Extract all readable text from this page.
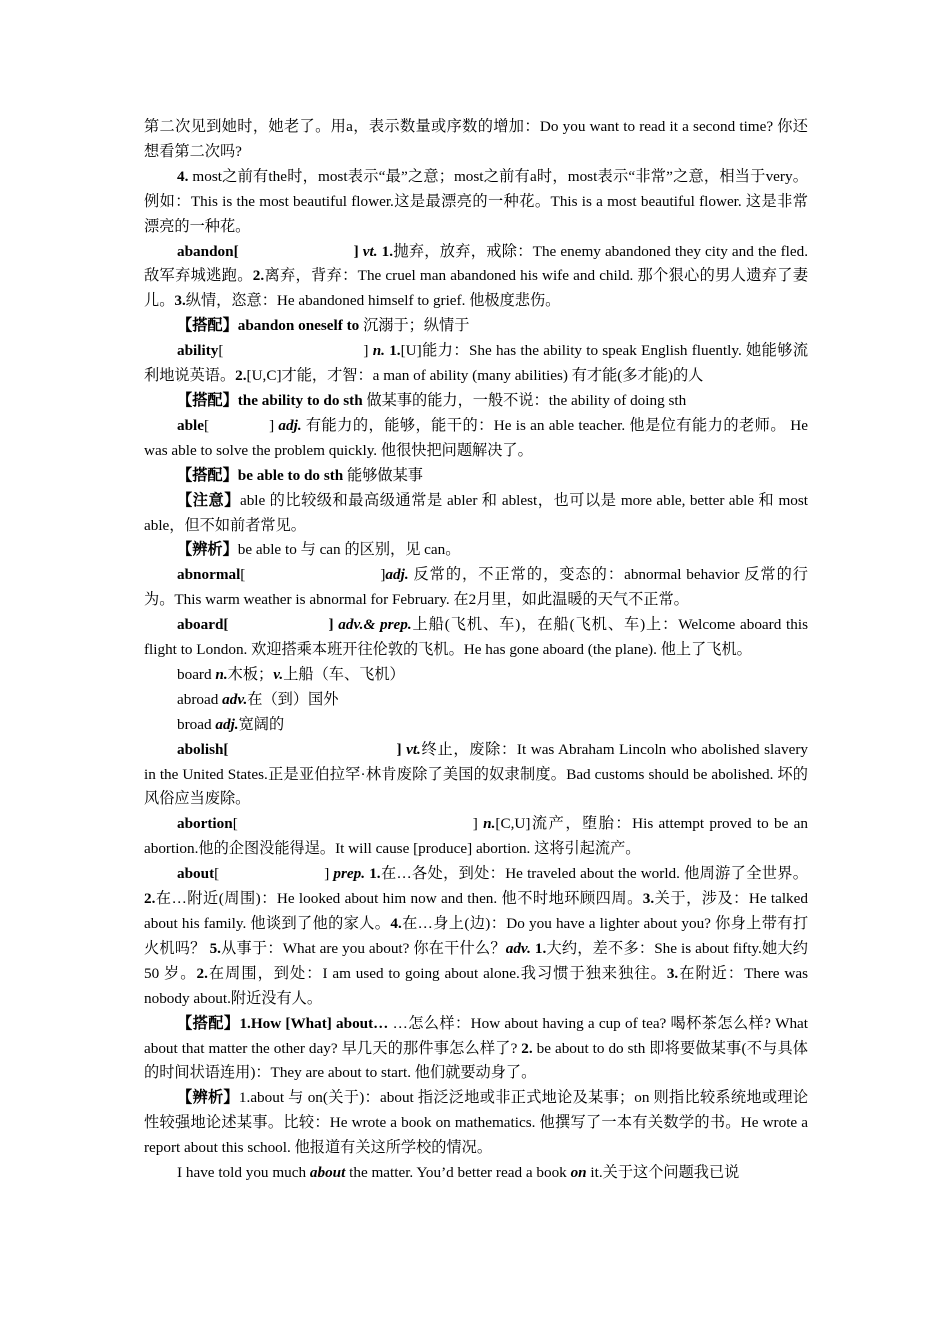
第二次见到她时，她老了。用a，表示数量或序数的增加：Do you want to read it a second time? 你还想看第二次吗?

4. most之前有the时，most表示“最”之意；most之前有a时，most表示“非常”之意，相当于very。例如：This is the most beautiful flower.这是最漂亮的一种花。This is a most beautiful flower. 这是非常漂亮的一种花。

abandon[	] vt. 1.抛弃，放弃，戒除：The enemy abandoned they city and the fled. 敌军弃城逃跑。2.离弃，背弃：The cruel man abandoned his wife and child. 那个狠心的男人遗弃了妻儿。3.纵情，恣意：He abandoned himself to grief. 他极度悲伤。

【搭配】abandon oneself to 沉溺于；纵情于

ability[	] n. 1.[U]能力：She has the ability to speak English fluently. 她能够流利地说英语。2.[U,C]才能，才智：a man of ability (many abilities) 有才能(多才能)的人

【搭配】the ability to do sth 做某事的能力，一般不说：the ability of doing sth

able[	] adj. 有能力的，能够，能干的：He is an able teacher. 他是位有能力的老师。 He was able to solve the problem quickly. 他很快把问题解决了。

【搭配】be able to do sth 能够做某事

【注意】able 的比较级和最高级通常是 abler 和 ablest，也可以是 more able, better able 和 most able，但不如前者常见。

【辨析】be able to 与 can 的区别，见 can。

abnormal[	]adj. 反常的，不正常的，变态的：abnormal behavior 反常的行为。This warm weather is abnormal for February. 在2月里，如此温暖的天气不正常。

aboard[	] adv.& prep.上船(飞机、车)，在船(飞机、车)上：Welcome aboard this flight to London. 欢迎搭乘本班开往伦敦的飞机。He has gone aboard (the plane). 他上了飞机。

board n.木板；v.上船（车、飞机）

abroad adv.在（到）国外

broad adj.宽阔的

abolish[	] vt.终止，废除：It was Abraham Lincoln who abolished slavery in the United States.正是亚伯拉罕·林肯废除了美国的奴隶制度。Bad customs should be abolished. 坏的风俗应当废除。

abortion[	] n.[C,U]流产，堕胎：His attempt proved to be an abortion.他的企图没能得逞。It will cause [produce] abortion. 这将引起流产。

about[	] prep. 1.在…各处，到处：He traveled about the world. 他周游了全世界。2.在…附近(周围)：He looked about him now and then. 他不时地环顾四周。3.关于，涉及：He talked about his family. 他谈到了他的家人。4.在…身上(边)：Do you have a lighter about you? 你身上带有打火机吗？ 5.从事于：What are you about? 你在干什么？adv. 1.大约，差不多：She is about fifty.她大约 50 岁。2.在周围，到处：I am used to going about alone.我习惯于独来独往。3.在附近：There was nobody about.附近没有人。

【搭配】1.How [What] about… …怎么样：How about having a cup of tea? 喝杯茶怎么样? What about that matter the other day? 早几天的那件事怎么样了? 2. be about to do sth 即将要做某事(不与具体的时间状语连用)：They are about to start. 他们就要动身了。

【辨析】1.about 与 on(关于)：about 指泛泛地或非正式地论及某事；on 则指比较系统地或理论性较强地论述某事。比较：He wrote a book on mathematics. 他撰写了一本有关数学的书。He wrote a report about this school. 他报道有关这所学校的情况。

I have told you much about the matter. You’d better read a book on it.关于这个问题我已说
